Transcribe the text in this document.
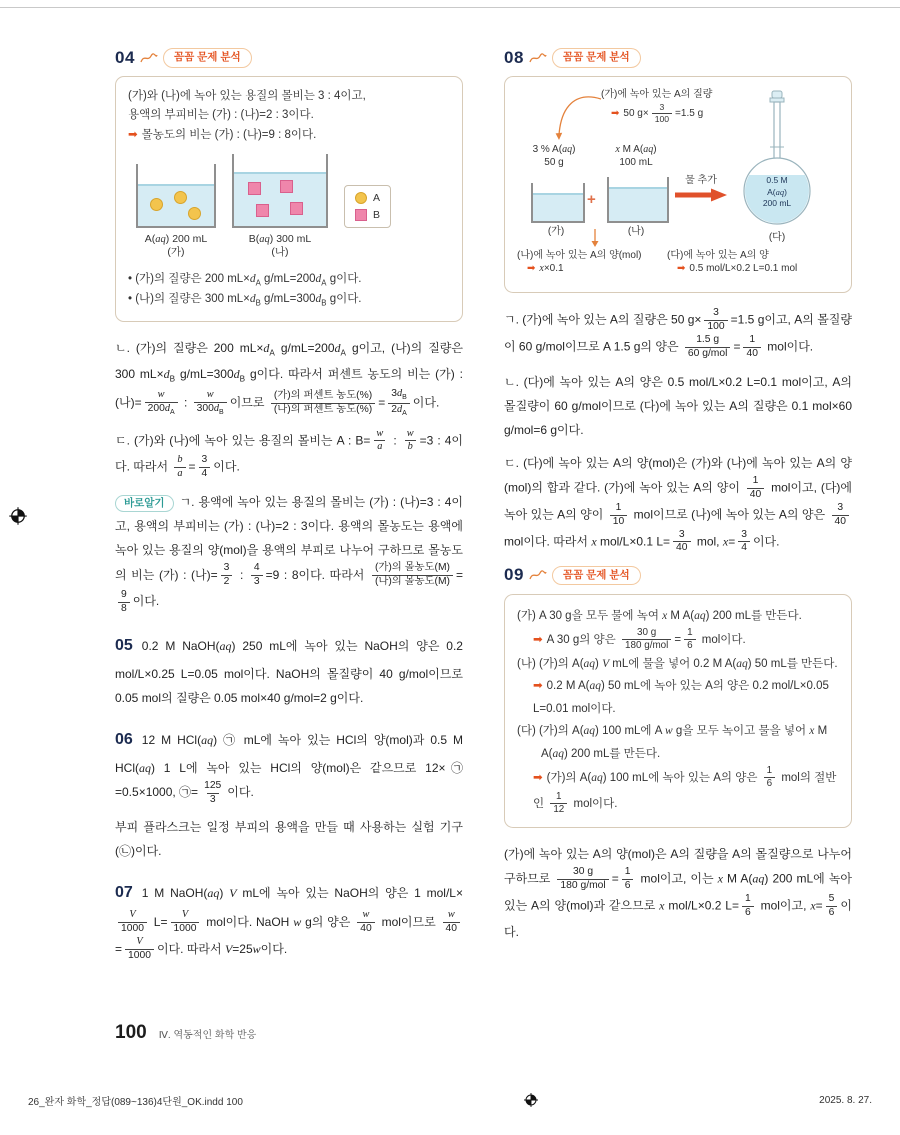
04	꼼꼼 문제 분석

(가)와 (나)에 녹아 있는 용질의 몰비는 3 : 4이고,

용액의 부피비는 (가) : (나)=2 : 3이다.

➡ 몰농도의 비는 (가) : (나)=9 : 8이다.

A(aq) 200 mL
(가)
B(aq) 300 mL
(나)
A
B

• (가)의 질량은 200 $mL\times d_A$ $g/mL=200d_A$ g이다.

• (나)의 질량은 300 $mL\times d_B$ $g/mL=300d_B$ g이다.

ㄴ. (가)의 질량은 200 $mL\times d_A$ $g/mL=200d_A$ g이고, (나)의 질량은 300 $mL\times d_B$ $g/mL=300d_B$ g이다. 따라서 퍼센트 농도의 비는 (가) : (나)= $\frac{w}{200d_A}$ : $\frac{w}{300d_B}$ 이므로 $\frac{\text{(가)의 퍼센트 농도(\%)}}{\text{(나)의 퍼센트 농도(\%)}} = \frac{3d_B}{2d_A}$ 이다.

ㄷ. (가)와 (나)에 녹아 있는 용질의 몰비는 A : $B= \frac{w}{a}$ : $\frac{w}{b} =3$ : 4이다. 따라서 $\frac{b}{a} = \frac{3}{4}$ 이다.

바로알기 ㄱ. 용액에 녹아 있는 용질의 몰비는 (가) : (나)=3 : 4이고, 용액의 부피비는 (가) : (나)=2 : 3이다. 용액의 몰농도는 용액에 녹아 있는 용질의 양(mol)을 용액의 부피로 나누어 구하므로 몰농도의 비는 (가) : (나)= $\frac{3}{2}$ : $\frac{4}{3} =9$ : 8이다. 따라서 $\frac{\text{(가)의 몰농도(M)}}{\text{(나)의 몰농도(M)}}$ =
$\frac{9}{8}$ 이다.

05 0.2 M NaOH(aq) 250 mL에 녹아 있는 NaOH의 양은 0.2 mol/L×0.25 L=0.05 mol이다. NaOH의 몰질량이 40 g/mol이므로 0.05 mol의 질량은 0.05 mol×40 g/mol=2 g이다.

06 12 M HCl(aq) ㉠ mL에 녹아 있는 HCl의 양(mol)과 0.5 M HCl(aq) 1 L에 녹아 있는 HCl의 양(mol)은 같으므로 12×㉠=0.5×1000, ㉠= $\frac{125}{3}$ 이다.

부피 플라스크는 일정 부피의 용액을 만들 때 사용하는 실험 기구(㉡)이다.

07 1 M NaOH(aq) V mL에 녹아 있는 NaOH의 양은 1 mol/L×
$\frac{V}{1000} L= \frac{V}{1000}$ mol이다. NaOH w g의 양은 $\frac{w}{40}$ mol이므로 $\frac{w}{40}$
= $\frac{V}{1000}$ 이다. 따라서 V=25w이다.

08	꼼꼼 문제 분석
(가)에 녹아 있는 A의 질량
➡ 50 $g\times \frac{3}{100} =1.5$ g
3 % A(aq)
50 g
(가)
+
x M A(aq)
100 mL
(나)
물 추가	0.5 M
A(aq)
200 mL
(다)
(나)에 녹아 있는 A의 양(mol)
➡ x×0.1
(다)에 녹아 있는 A의 양
➡ 0.5 mol/L×0.2 L=0.1 mol

ㄱ. (가)에 녹아 있는 A의 질량은 50 $g\times \frac{3}{100} =1.5$ g이고, A의 몰질량이 60 g/mol이므로 A 1.5 g의 양은 $\frac{1.5 g}{\text{60 g/mol}} = \frac{1}{40}$ mol이다.

ㄴ. (다)에 녹아 있는 A의 양은 0.5 mol/L×0.2 L=0.1 mol이고, A의 몰질량이 60 g/mol이므로 (다)에 녹아 있는 A의 질량은 0.1 mol×60 g/mol=6 g이다.

ㄷ. (다)에 녹아 있는 A의 양(mol)은 (가)와 (나)에 녹아 있는 A의 양(mol)의 합과 같다. (가)에 녹아 있는 A의 양이 $\frac{1}{40}$ mol이고, (다)에 녹아 있는 A의 양이 $\frac{1}{10}$ mol이므로 (나)에 녹아 있는 A의 양은 $\frac{3}{40}$
mol이다. 따라서 x mol/L×0.1 $L= \frac{3}{40}$ mol, $x= \frac{3}{4}$ 이다.

09	꼼꼼 문제 분석

(가) A 30 g을 모두 물에 녹여 x M A(aq) 200 mL를 만든다.

➡ A 30 g의 양은 $\frac{30 g}{\text{180 g/mol}} = \frac{1}{6}$ mol이다.

(나) (가)의 A(aq) V mL에 물을 넣어 0.2 M A(aq) 50 mL를 만든다.

➡ 0.2 M A(aq) 50 mL에 녹아 있는 A의 양은 0.2 mol/L×0.05 L=0.01 mol이다.

(다) (가)의 A(aq) 100 mL에 A w g을 모두 녹이고 물을 넣어 x M A(aq) 200 mL를 만든다.

➡ (가)의 A(aq) 100 mL에 녹아 있는 A의 양은 $\frac{1}{6}$ mol의 절반인 $\frac{1}{12}$ mol이다.

(가)에 녹아 있는 A의 양(mol)은 A의 질량을 A의 몰질량으로 나누어 구하므로 $\frac{30 g}{\text{180 g/mol}} = \frac{1}{6}$ mol이고, 이는 x M A(aq) 200 mL에 녹아 있는 A의 양(mol)과 같으므로 x mol/L×0.2 $L= \frac{1}{6}$ mol이고, $x= \frac{5}{6}$ 이다.

100 Ⅳ. 역동적인 화학 반응
26_완자 화학_정답(089~136)4단원_OK.indd 100	2025. 8. 27.
